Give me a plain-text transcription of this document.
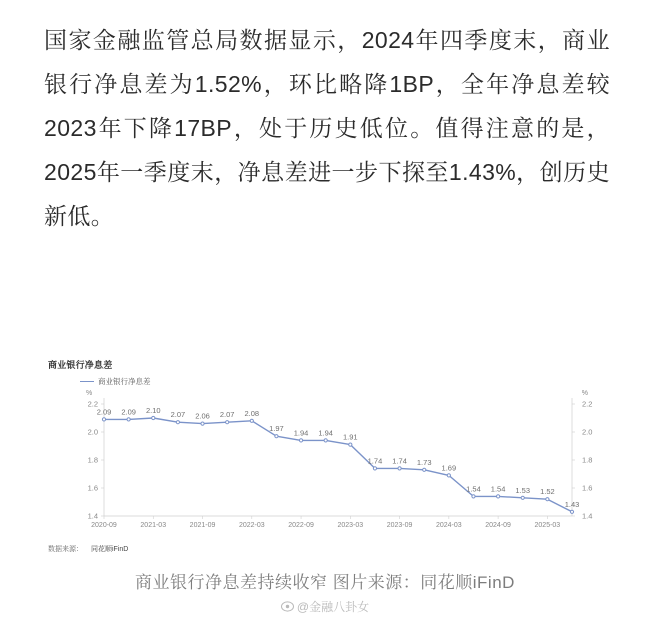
国家金融监管总局数据显示，2024年四季度末，商业银行净息差为1.52%，环比略降1BP，全年净息差较2023年下降17BP，处于历史低位。值得注意的是，2025年一季度末，净息差进一步下探至1.43%，创历史新低。
商业银行净息差
商业银行净息差
%	%
1.4	1.4
1.6	1.6
1.8	1.8
2.0	2.0
2.2	2.2
2020-09	2021-03	2021-09	2022-03	2022-09	2023-03	2023-09	2024-03	2024-09	2025-03
2.09 2.09 2.10 2.07 2.06 2.07 2.08
1.97 1.94 1.94 1.91
1.74 1.74 1.73
1.69
1.54 1.54 1.53 1.52
1.43
数据来源： 同花顺iFinD
商业银行净息差持续收窄 图片来源：同花顺iFinD
@金融八卦女
